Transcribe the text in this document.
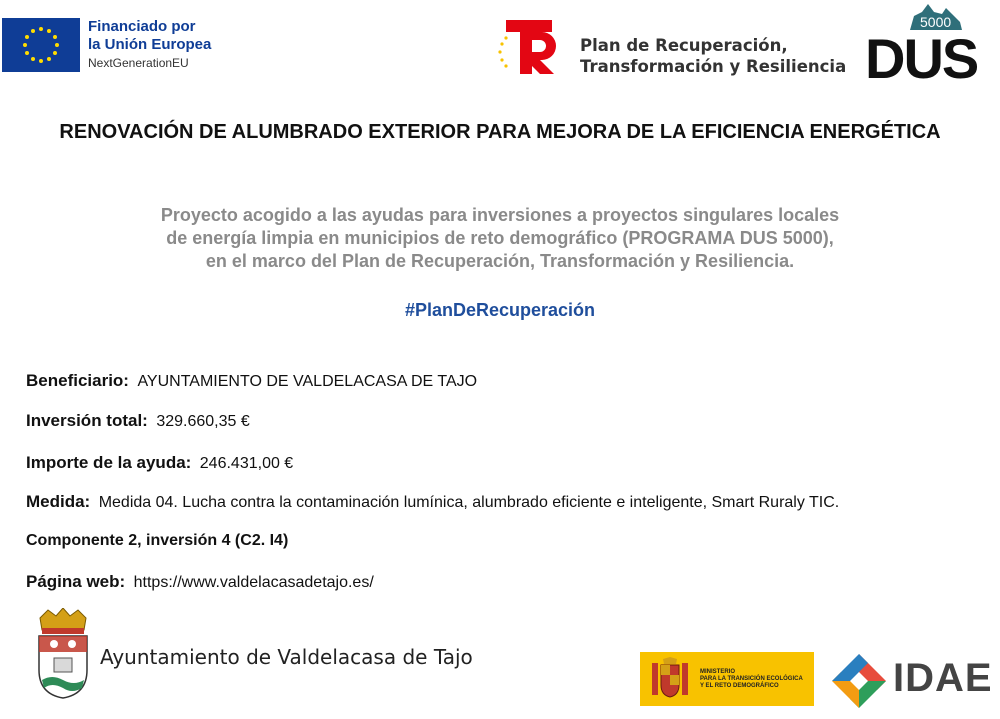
Financiado por
la Unión Europea
NextGenerationEU
Plan de Recuperación,
Transformación y Resiliencia
5000
DUS
RENOVACIÓN DE ALUMBRADO EXTERIOR PARA MEJORA DE LA EFICIENCIA ENERGÉTICA
Proyecto acogido a las ayudas para inversiones a proyectos singulares locales
de energía limpia en municipios de reto demográfico (PROGRAMA DUS 5000),
en el marco del Plan de Recuperación, Transformación y Resiliencia.
#PlanDeRecuperación
Beneficiario: AYUNTAMIENTO DE VALDELACASA DE TAJO
Inversión total: 329.660,35 €
Importe de la ayuda: 246.431,00 €
Medida: Medida 04. Lucha contra la contaminación lumínica, alumbrado eficiente e inteligente, Smart Ruraly TIC.
Componente 2, inversión 4 (C2. I4)
Página web: https://www.valdelacasadetajo.es/
Ayuntamiento de Valdelacasa de Tajo
MINISTERIO
PARA LA TRANSICIÓN ECOLÓGICA
Y EL RETO DEMOGRÁFICO	IDAE
